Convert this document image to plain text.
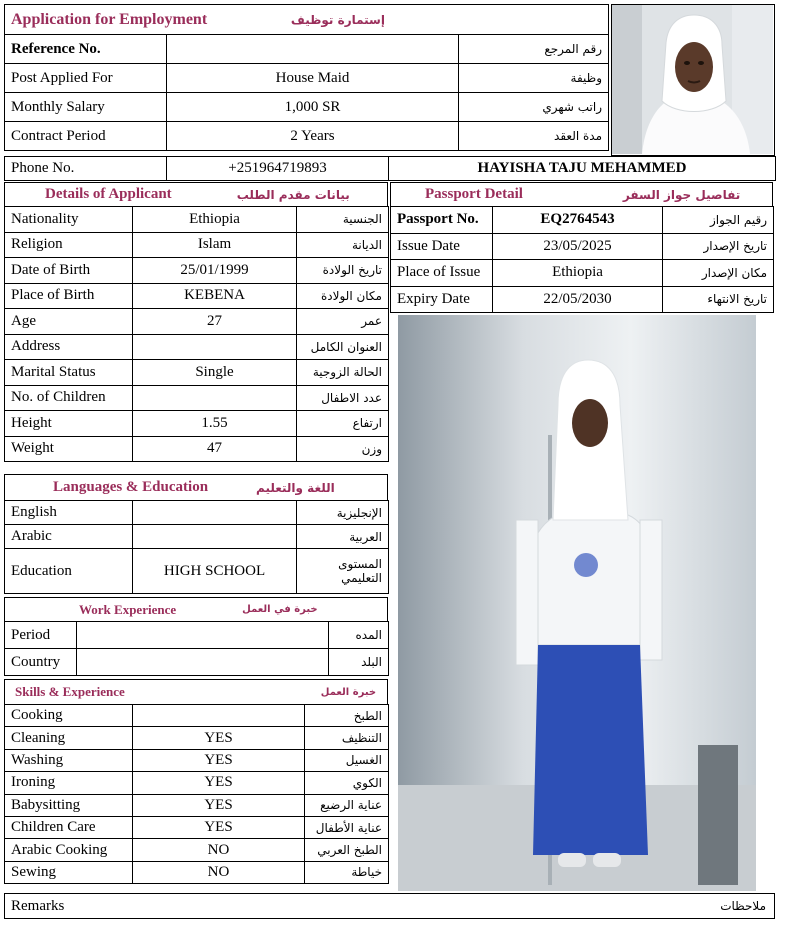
Application for Employment إستمارة توظيف		
Reference No.		رقم المرجع
Post Applied For	House Maid	وظيفة
Monthly Salary	1,000 SR	راتب شهري
Contract Period	2 Years	مدة العقد
Phone No.	+251964719893	HAYISHA TAJU MEHAMMED
Details of Applicant	بيانات مقدم الطلب
Nationality	Ethiopia	الجنسية
Religion	Islam	الديانة
Date of Birth	25/01/1999	تاريخ الولادة
Place of Birth	KEBENA	مكان الولادة
Age	27	عمر
Address		العنوان الكامل
Marital Status	Single	الحالة الزوجية
No. of Children		عدد الاطفال
Height	1.55	ارتفاع
Weight	47	وزن
Passport Detail	تفاصيل جواز السفر
Passport No.	EQ2764543	رقيم الجواز
Issue Date	23/05/2025	تاريخ الإصدار
Place of Issue	Ethiopia	مكان الإصدار
Expiry Date	22/05/2030	تاريخ الانتهاء
Languages & Education	اللغة والتعليم
English		الإنجليزية
Arabic		العربية
Education	HIGH SCHOOL	المستوى التعليمي
Work Experience	خبرة في العمل
Period		المده
Country		البلد
Skills & Experience	خبرة العمل
Cooking		الطبخ
Cleaning	YES	التنظيف
Washing	YES	الغسيل
Ironing	YES	الكوي
Babysitting	YES	عناية الرضيع
Children Care	YES	عناية الأطفال
Arabic Cooking	NO	الطبخ العربي
Sewing	NO	خياطة
Remarks	ملاحظات
